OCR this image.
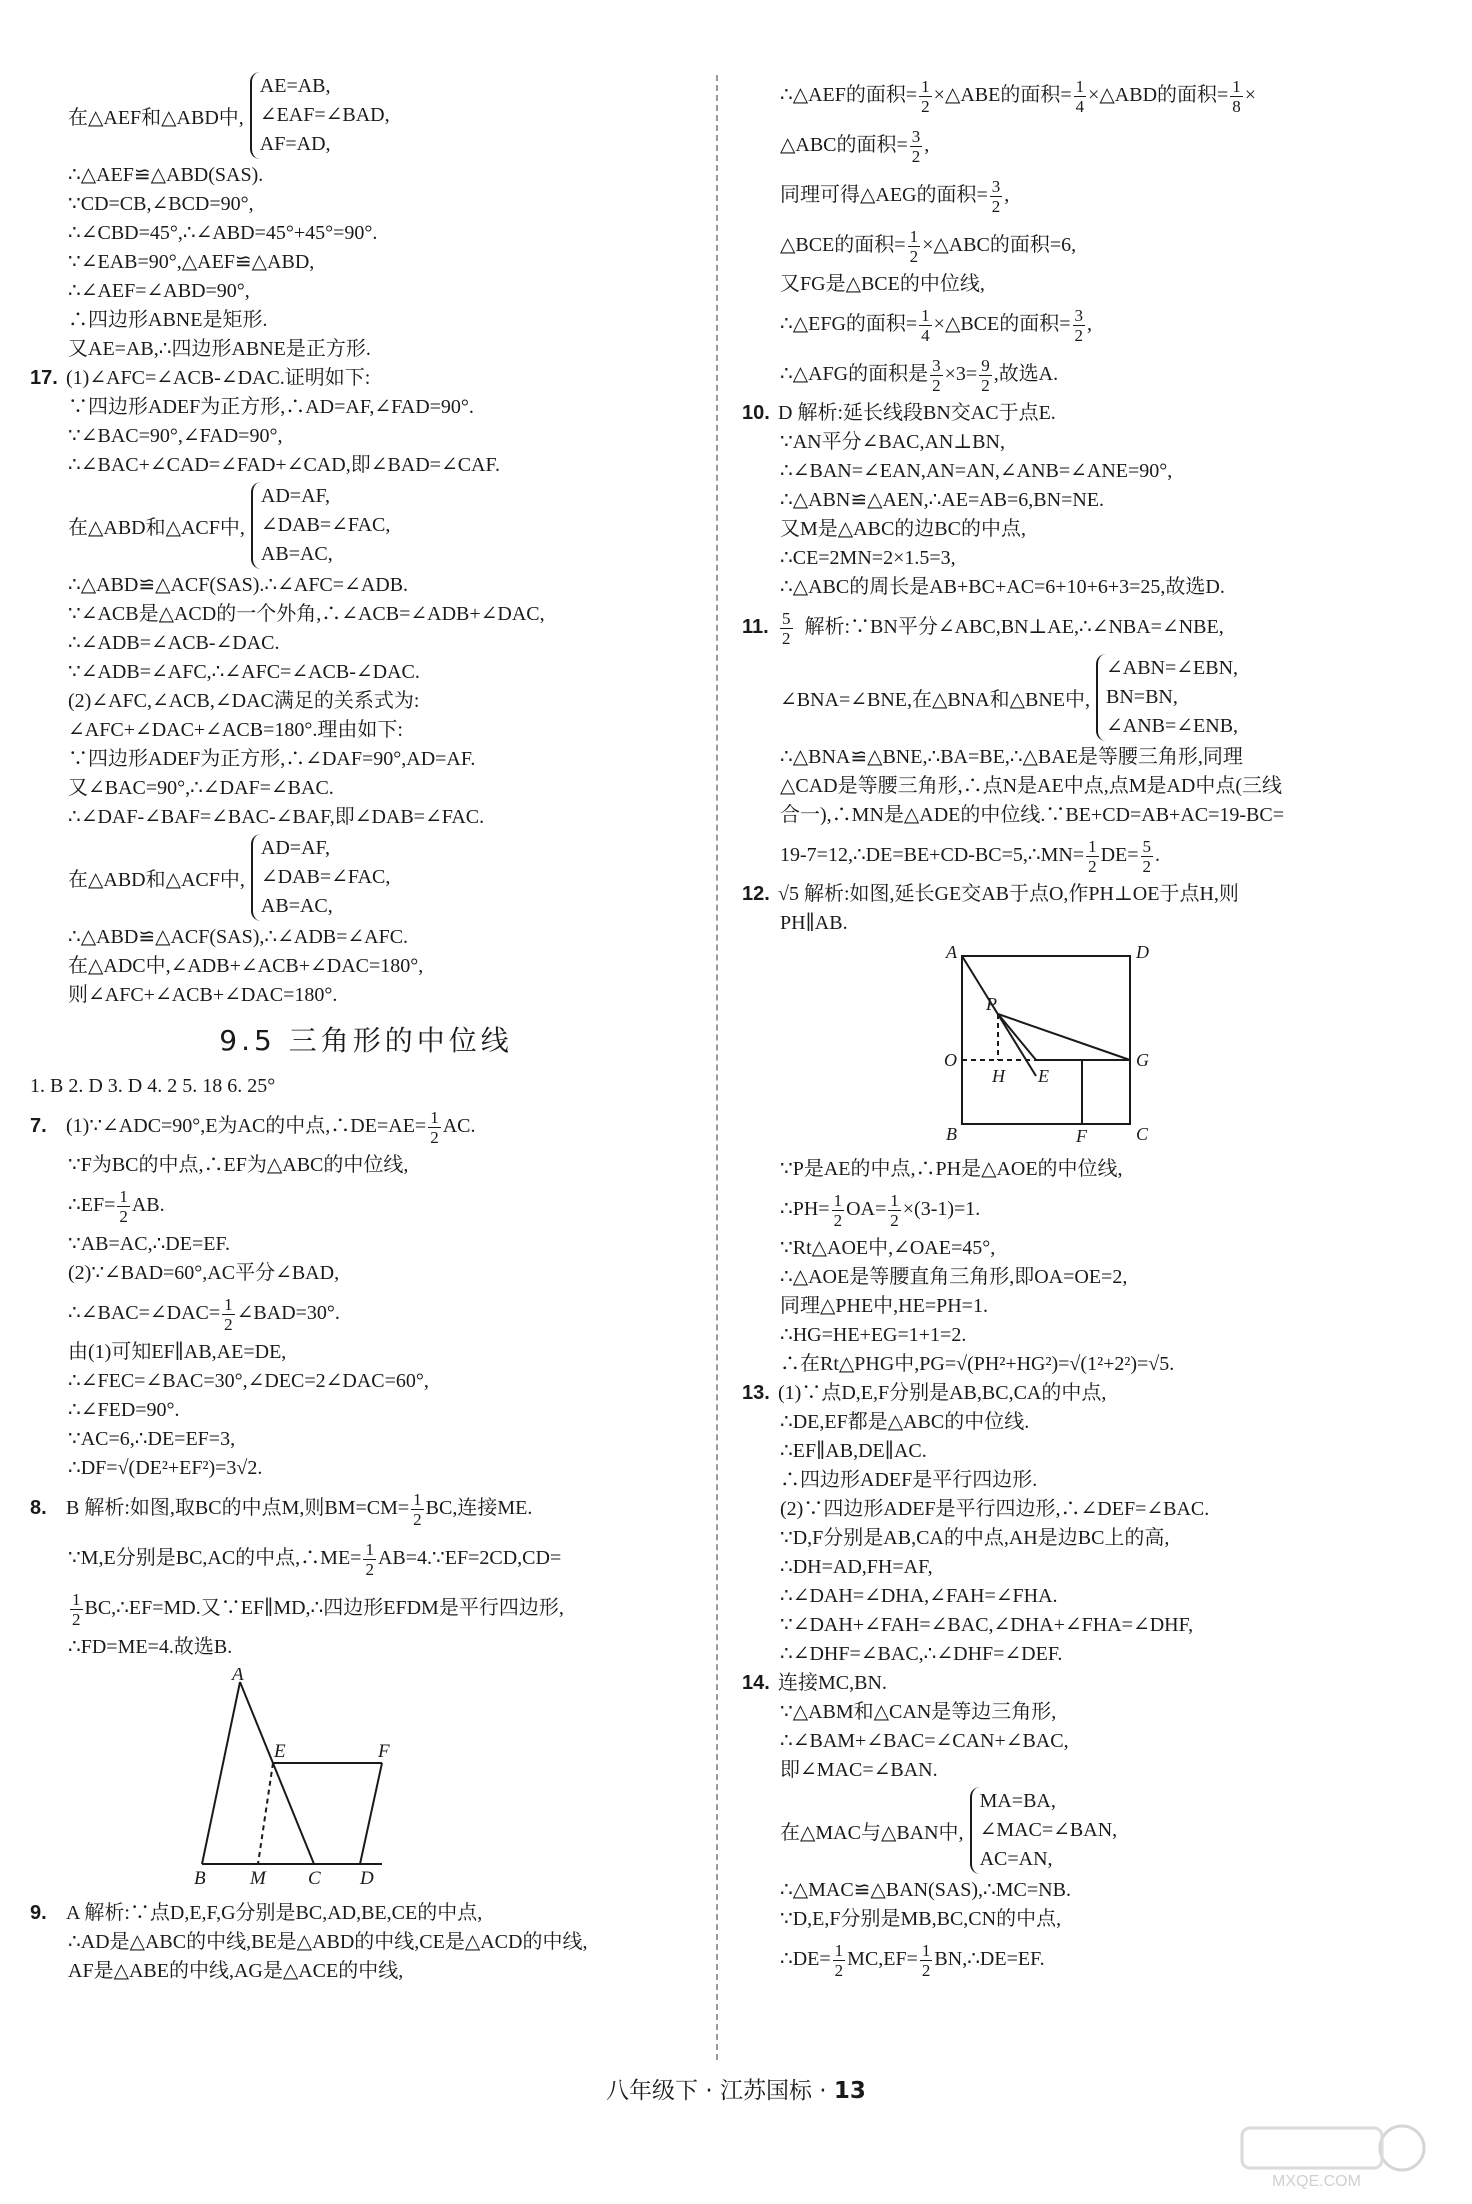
在△AEF和△ABD中,
AE=AB,
∠EAF=∠BAD,
AF=AD,
∴△AEF≌△ABD(SAS).
∵CD=CB,∠BCD=90°,
∴∠CBD=45°,∴∠ABD=45°+45°=90°.
∵∠EAB=90°,△AEF≌△ABD,
∴∠AEF=∠ABD=90°,
∴四边形ABNE是矩形.
又AE=AB,∴四边形ABNE是正方形.
17. (1)∠AFC=∠ACB-∠DAC.证明如下:
∵四边形ADEF为正方形,∴AD=AF,∠FAD=90°.
∵∠BAC=90°,∠FAD=90°,
∴∠BAC+∠CAD=∠FAD+∠CAD,即∠BAD=∠CAF.
在△ABD和△ACF中,
AD=AF,
∠DAB=∠FAC,
AB=AC,
∴△ABD≌△ACF(SAS).∴∠AFC=∠ADB.
∵∠ACB是△ACD的一个外角,∴∠ACB=∠ADB+∠DAC,
∴∠ADB=∠ACB-∠DAC.
∵∠ADB=∠AFC,∴∠AFC=∠ACB-∠DAC.
(2)∠AFC,∠ACB,∠DAC满足的关系式为:
∠AFC+∠DAC+∠ACB=180°.理由如下:
∵四边形ADEF为正方形,∴∠DAF=90°,AD=AF.
又∠BAC=90°,∴∠DAF=∠BAC.
∴∠DAF-∠BAF=∠BAC-∠BAF,即∠DAB=∠FAC.
在△ABD和△ACF中,
AD=AF,
∠DAB=∠FAC,
AB=AC,
∴△ABD≌△ACF(SAS),∴∠ADB=∠AFC.
在△ADC中,∠ADB+∠ACB+∠DAC=180°,
则∠AFC+∠ACB+∠DAC=180°.
9.5 三角形的中位线
1. B 2. D 3. D 4. 2 5. 18 6. 25°
7. (1)∵∠ADC=90°,E为AC的中点,∴DE=AE= $\frac{1}{2}$ AC.
∵F为BC的中点,∴EF为△ABC的中位线,
∴EF= $\frac{1}{2}$ AB.
∵AB=AC,∴DE=EF.
(2)∵∠BAD=60°,AC平分∠BAD,
∴∠BAC=∠DAC= $\frac{1}{2}$ ∠BAD=30°.
由(1)可知EF∥AB,AE=DE,
∴∠FEC=∠BAC=30°,∠DEC=2∠DAC=60°,
∴∠FED=90°.
∵AC=6,∴DE=EF=3,
∴DF=√(DE²+EF²)=3√2.
8. B 解析:如图,取BC的中点M,则$BM=CM= \frac{1}{2}$ BC,连接ME.
∵M,E分别是BC,AC的中点,∴ME= $\frac{1}{2}$ AB=4.∵EF=2CD,CD=
$\frac{1}{2}$ BC,∴EF=MD.又∵EF∥MD,∴四边形EFDM是平行四边形,
∴FD=ME=4.故选B.
A
B M C D
E	F
9. A 解析:∵点D,E,F,G分别是BC,AD,BE,CE的中点,
∴AD是△ABC的中线,BE是△ABD的中线,CE是△ACD的中线,
AF是△ABE的中线,AG是△ACE的中线,
∴△AEF的面积= $\frac{1}{2}$ ×△ABE的面积= $\frac{1}{4}$ ×△ABD的面积= $\frac{1}{8}$ ×
△ABC的面积= $\frac{3}{2}$ ,
同理可得△AEG的面积= $\frac{3}{2}$ ,
△BCE的面积= $\frac{1}{2}$ ×△ABC的面积=6,
又FG是△BCE的中位线,
∴△EFG的面积= $\frac{1}{4}$ ×△BCE的面积= $\frac{3}{2}$ ,
∴△AFG的面积是 $\frac{3}{2} \times 3= \frac{9}{2}$ ,故选A.
10. D 解析:延长线段BN交AC于点E.
∵AN平分∠BAC,AN⊥BN,
∴∠BAN=∠EAN,AN=AN,∠ANB=∠ANE=90°,
∴△ABN≌△AEN,∴AE=AB=6,BN=NE.
又M是△ABC的边BC的中点,
∴CE=2MN=2×1.5=3,
∴△ABC的周长是AB+BC+AC=6+10+6+3=25,故选D.
11. $\frac{5}{2}$ 解析:∵BN平分∠ABC,BN⊥AE,∴∠NBA=∠NBE,
∠BNA=∠BNE,在△BNA和△BNE中,
∠ABN=∠EBN,
BN=BN,
∠ANB=∠ENB,
∴△BNA≌△BNE,∴BA=BE,∴△BAE是等腰三角形,同理
△CAD是等腰三角形,∴点N是AE中点,点M是AD中点(三线
合一),∴MN是△ADE的中位线.∵BE+CD=AB+AC=19-BC=
19-7=12,∴DE=BE+CD-BC=5,∴MN= $\frac{1}{2} DE= \frac{5}{2}$ .
12. √5 解析:如图,延长GE交AB于点O,作PH⊥OE于点H,则
PH∥AB.
A	D
P
O
H E
G
B	F	C
∵P是AE的中点,∴PH是△AOE的中位线,
∴PH= $\frac{1}{2} OA= \frac{1}{2} \times(3-1)=1$.
∵Rt△AOE中,∠OAE=45°,
∴△AOE是等腰直角三角形,即OA=OE=2,
同理△PHE中,HE=PH=1.
∴HG=HE+EG=1+1=2.
∴在Rt△PHG中,PG=√(PH²+HG²)=√(1²+2²)=√5.
13. (1)∵点D,E,F分别是AB,BC,CA的中点,
∴DE,EF都是△ABC的中位线.
∴EF∥AB,DE∥AC.
∴四边形ADEF是平行四边形.
(2)∵四边形ADEF是平行四边形,∴∠DEF=∠BAC.
∵D,F分别是AB,CA的中点,AH是边BC上的高,
∴DH=AD,FH=AF,
∴∠DAH=∠DHA,∠FAH=∠FHA.
∵∠DAH+∠FAH=∠BAC,∠DHA+∠FHA=∠DHF,
∴∠DHF=∠BAC,∴∠DHF=∠DEF.
14. 连接MC,BN.
∵△ABM和△CAN是等边三角形,
∴∠BAM+∠BAC=∠CAN+∠BAC,
即∠MAC=∠BAN.
在△MAC与△BAN中,
MA=BA,
∠MAC=∠BAN,
AC=AN,
∴△MAC≌△BAN(SAS),∴MC=NB.
∵D,E,F分别是MB,BC,CN的中点,
∴DE= $\frac{1}{2} MC,EF= \frac{1}{2}$ BN,∴DE=EF.
八年级下 · 江苏国标 · 13
MXQE.COM
